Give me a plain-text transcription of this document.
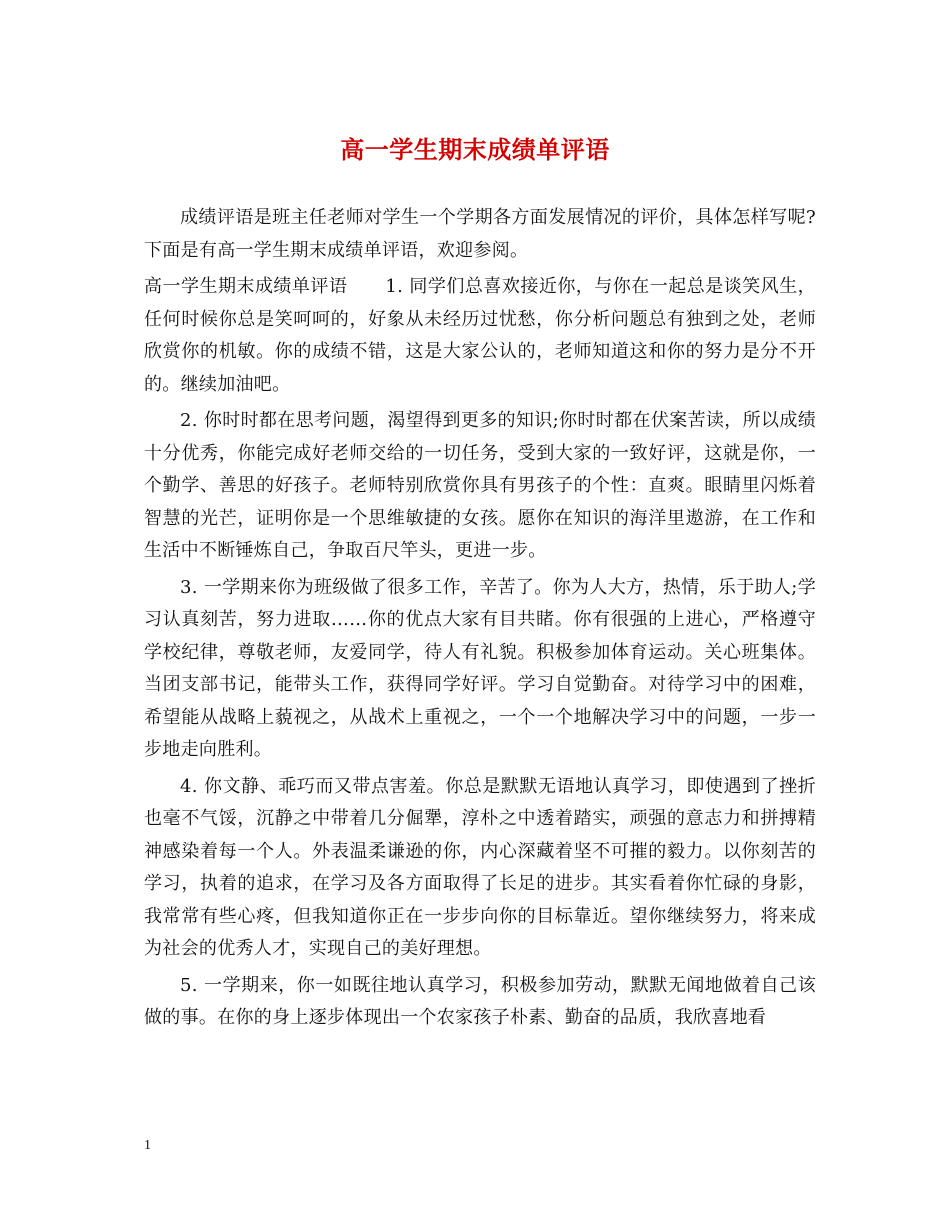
高一学生期末成绩单评语

成绩评语是班主任老师对学生一个学期各方面发展情况的评价，具体怎样写呢?下面是有高一学生期末成绩单评语，欢迎参阅。

高一学生期末成绩单评语 1. 同学们总喜欢接近你，与你在一起总是谈笑风生，任何时候你总是笑呵呵的，好象从未经历过忧愁，你分析问题总有独到之处，老师欣赏你的机敏。你的成绩不错，这是大家公认的，老师知道这和你的努力是分不开的。继续加油吧。

2. 你时时都在思考问题，渴望得到更多的知识;你时时都在伏案苦读，所以成绩十分优秀，你能完成好老师交给的一切任务，受到大家的一致好评，这就是你，一个勤学、善思的好孩子。老师特别欣赏你具有男孩子的个性：直爽。眼睛里闪烁着智慧的光芒，证明你是一个思维敏捷的女孩。愿你在知识的海洋里遨游，在工作和生活中不断锤炼自己，争取百尺竿头，更进一步。

3. 一学期来你为班级做了很多工作，辛苦了。你为人大方，热情，乐于助人;学习认真刻苦，努力进取……你的优点大家有目共睹。你有很强的上进心，严格遵守学校纪律，尊敬老师，友爱同学，待人有礼貌。积极参加体育运动。关心班集体。当团支部书记，能带头工作，获得同学好评。学习自觉勤奋。对待学习中的困难，希望能从战略上藐视之，从战术上重视之，一个一个地解决学习中的问题，一步一步地走向胜利。

4. 你文静、乖巧而又带点害羞。你总是默默无语地认真学习，即使遇到了挫折也毫不气馁，沉静之中带着几分倔犟，淳朴之中透着踏实，顽强的意志力和拼搏精神感染着每一个人。外表温柔谦逊的你，内心深藏着坚不可摧的毅力。以你刻苦的学习，执着的追求，在学习及各方面取得了长足的进步。其实看着你忙碌的身影，我常常有些心疼，但我知道你正在一步步向你的目标靠近。望你继续努力，将来成为社会的优秀人才，实现自己的美好理想。

5. 一学期来，你一如既往地认真学习，积极参加劳动，默默无闻地做着自己该做的事。在你的身上逐步体现出一个农家孩子朴素、勤奋的品质，我欣喜地看

1
